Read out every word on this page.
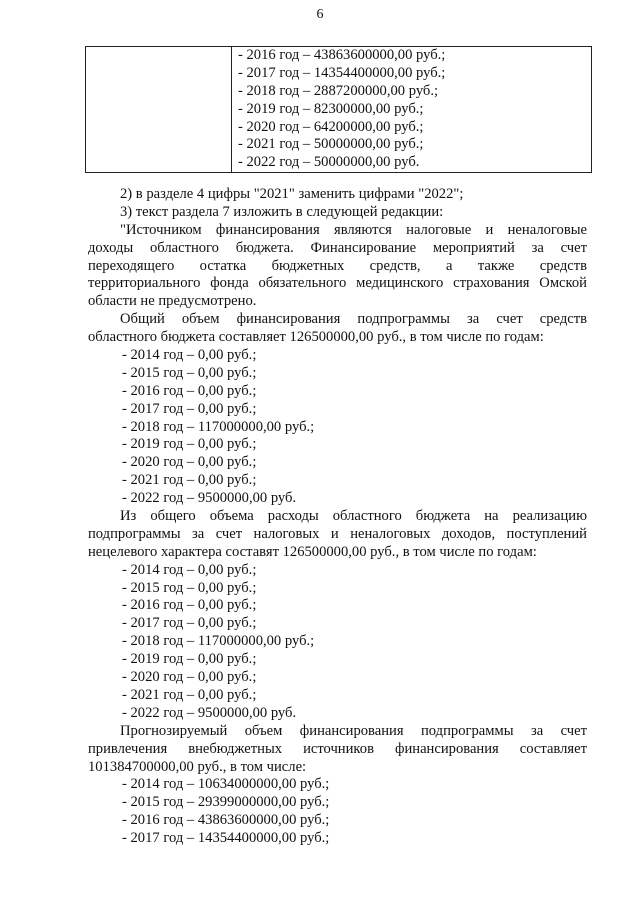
6
- 2016 год – 43863600000,00 руб.;
- 2017 год – 14354400000,00 руб.;
- 2018 год – 2887200000,00 руб.;
- 2019 год – 82300000,00 руб.;
- 2020 год – 64200000,00 руб.;
- 2021 год – 50000000,00 руб.;
- 2022 год – 50000000,00 руб.
2) в разделе 4 цифры "2021" заменить цифрами "2022";
3) текст раздела 7 изложить в следующей редакции:
"Источником финансирования являются налоговые и неналоговые
доходы областного бюджета. Финансирование мероприятий за счет
переходящего остатка бюджетных средств, а также средств
территориального фонда обязательного медицинского страхования Омской
области не предусмотрено.
Общий объем финансирования подпрограммы за счет средств
областного бюджета составляет 126500000,00 руб., в том числе по годам:
- 2014 год – 0,00 руб.;
- 2015 год – 0,00 руб.;
- 2016 год – 0,00 руб.;
- 2017 год – 0,00 руб.;
- 2018 год – 117000000,00 руб.;
- 2019 год – 0,00 руб.;
- 2020 год – 0,00 руб.;
- 2021 год – 0,00 руб.;
- 2022 год – 9500000,00 руб.
Из общего объема расходы областного бюджета на реализацию
подпрограммы за счет налоговых и неналоговых доходов, поступлений
нецелевого характера составят 126500000,00 руб., в том числе по годам:
- 2014 год – 0,00 руб.;
- 2015 год – 0,00 руб.;
- 2016 год – 0,00 руб.;
- 2017 год – 0,00 руб.;
- 2018 год – 117000000,00 руб.;
- 2019 год – 0,00 руб.;
- 2020 год – 0,00 руб.;
- 2021 год – 0,00 руб.;
- 2022 год – 9500000,00 руб.
Прогнозируемый объем финансирования подпрограммы за счет
привлечения внебюджетных источников финансирования составляет
101384700000,00 руб., в том числе:
- 2014 год – 10634000000,00 руб.;
- 2015 год – 29399000000,00 руб.;
- 2016 год – 43863600000,00 руб.;
- 2017 год – 14354400000,00 руб.;
